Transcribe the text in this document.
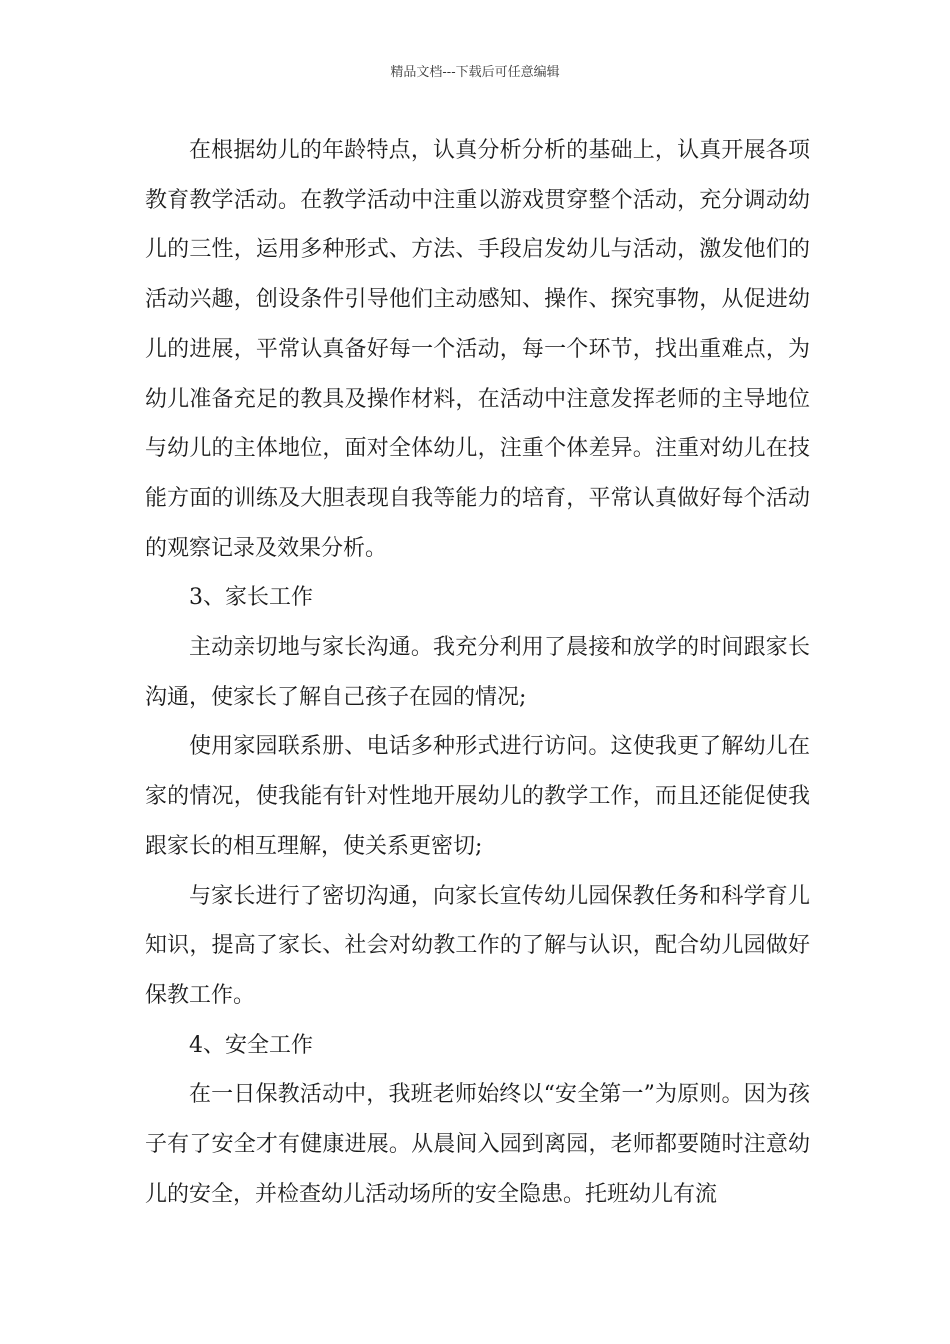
精品文档---下载后可任意编辑

在根据幼儿的年龄特点，认真分析分析的基础上，认真开展各项教育教学活动。在教学活动中注重以游戏贯穿整个活动，充分调动幼儿的三性，运用多种形式、方法、手段启发幼儿与活动，激发他们的活动兴趣，创设条件引导他们主动感知、操作、探究事物，从促进幼儿的进展，平常认真备好每一个活动，每一个环节，找出重难点，为幼儿准备充足的教具及操作材料，在活动中注意发挥老师的主导地位与幼儿的主体地位，面对全体幼儿，注重个体差异。注重对幼儿在技能方面的训练及大胆表现自我等能力的培育，平常认真做好每个活动的观察记录及效果分析。

3、家长工作

主动亲切地与家长沟通。我充分利用了晨接和放学的时间跟家长沟通，使家长了解自己孩子在园的情况;

使用家园联系册、电话多种形式进行访问。这使我更了解幼儿在家的情况，使我能有针对性地开展幼儿的教学工作，而且还能促使我跟家长的相互理解，使关系更密切;

与家长进行了密切沟通，向家长宣传幼儿园保教任务和科学育儿知识，提高了家长、社会对幼教工作的了解与认识，配合幼儿园做好保教工作。

4、安全工作

在一日保教活动中，我班老师始终以“安全第一”为原则。因为孩子有了安全才有健康进展。从晨间入园到离园，老师都要随时注意幼儿的安全，并检查幼儿活动场所的安全隐患。托班幼儿有流
